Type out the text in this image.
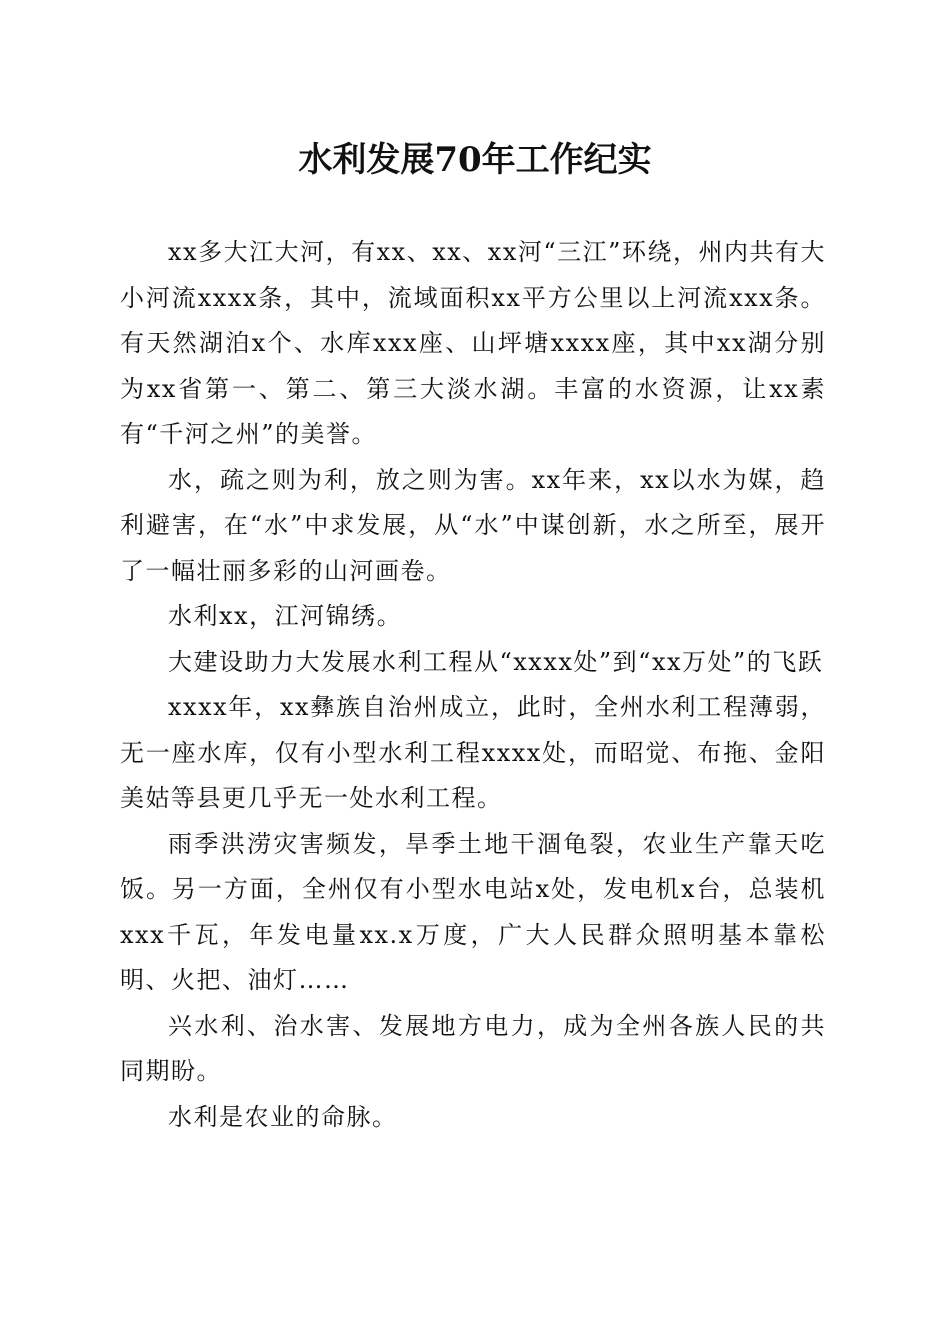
水利发展70年工作纪实

xx多大江大河，有xx、xx、xx河“三江”环绕，州内共有大小河流xxxx条，其中，流域面积xx平方公里以上河流xxx条。有天然湖泊x个、水库xxx座、山坪塘xxxx座，其中xx湖分别为xx省第一、第二、第三大淡水湖。丰富的水资源，让xx素有“千河之州”的美誉。

水，疏之则为利，放之则为害。xx年来，xx以水为媒，趋利避害，在“水”中求发展，从“水”中谋创新，水之所至，展开了一幅壮丽多彩的山河画卷。

水利xx，江河锦绣。

大建设助力大发展水利工程从“xxxx处”到“xx万处”的飞跃

xxxx年，xx彝族自治州成立，此时，全州水利工程薄弱，无一座水库，仅有小型水利工程xxxx处，而昭觉、布拖、金阳美姑等县更几乎无一处水利工程。

雨季洪涝灾害频发，旱季土地干涸龟裂，农业生产靠天吃饭。另一方面，全州仅有小型水电站x处，发电机x台，总装机xxx千瓦，年发电量xx.x万度，广大人民群众照明基本靠松明、火把、油灯……

兴水利、治水害、发展地方电力，成为全州各族人民的共同期盼。

水利是农业的命脉。
